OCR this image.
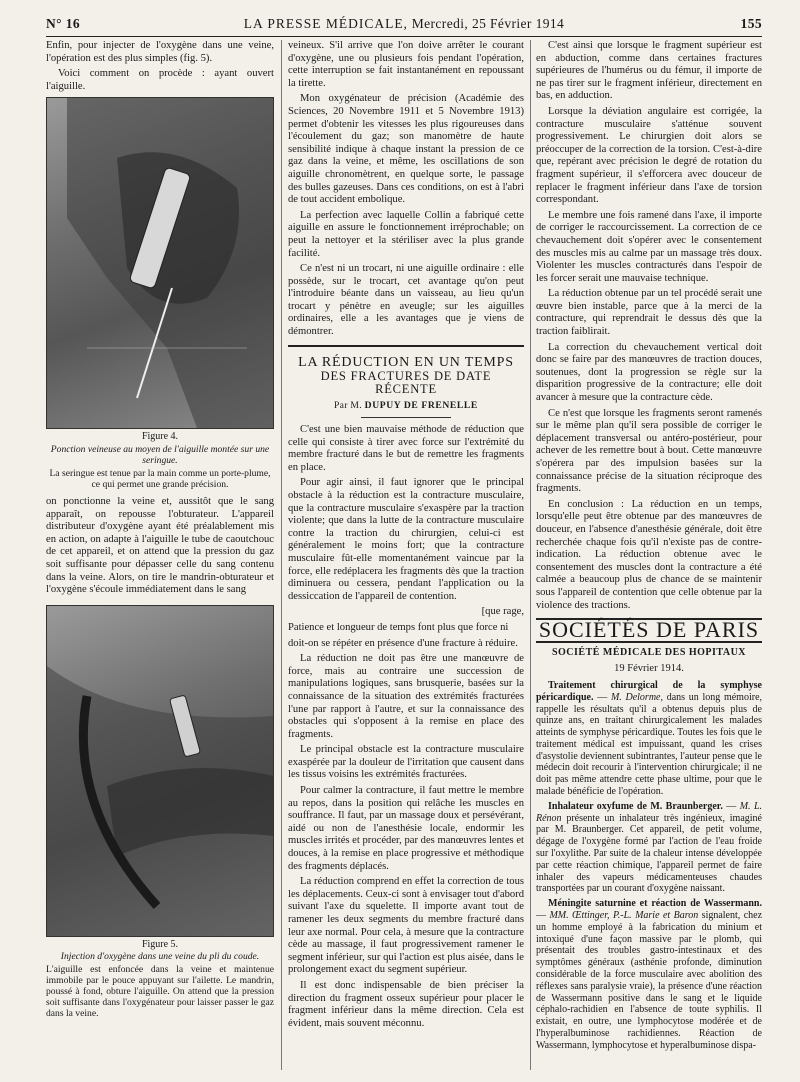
N° 16	LA PRESSE MÉDICALE, Mercredi, 25 Février 1914	155

Enfin, pour injecter de l'oxygène dans une veine, l'opération est des plus simples (fig. 5).

Voici comment on procède : ayant ouvert l'aiguille.

Figure 4.
Ponction veineuse au moyen de l'aiguille montée sur une seringue.
La seringue est tenue par la main comme un porte-plume, ce qui permet une grande précision.

on ponctionne la veine et, aussitôt que le sang apparaît, on repousse l'obturateur. L'appareil distributeur d'oxygène ayant été préalablement mis en action, on adapte à l'aiguille le tube de caoutchouc de cet appareil, et on attend que la pression du gaz soit suffisante pour dépasser celle du sang contenu dans la veine. Alors, on tire le mandrin-obturateur et l'oxygène s'écoule immédiatement dans le sang

Figure 5.
Injection d'oxygène dans une veine du pli du coude.
L'aiguille est enfoncée dans la veine et maintenue immobile par le pouce appuyant sur l'ailette. Le mandrin, poussé à fond, obture l'aiguille. On attend que la pression soit suffisante dans l'oxygénateur pour laisser passer le gaz dans la veine.

veineux. S'il arrive que l'on doive arrêter le courant d'oxygène, une ou plusieurs fois pendant l'opération, cette interruption se fait instantanément en repoussant la tirette.

Mon oxygénateur de précision (Académie des Sciences, 20 Novembre 1911 et 5 Novembre 1913) permet d'obtenir les vitesses les plus rigoureuses dans l'écoulement du gaz; son manomètre de haute sensibilité indique à chaque instant la pression de ce gaz dans la veine, et même, les oscillations de son aiguille chronomètrent, en quelque sorte, le passage des bulles gazeuses. Dans ces conditions, on est à l'abri de tout accident embolique.

La perfection avec laquelle Collin a fabriqué cette aiguille en assure le fonctionnement irréprochable; on peut la nettoyer et la stériliser avec la plus grande facilité.

Ce n'est ni un trocart, ni une aiguille ordinaire : elle possède, sur le trocart, cet avantage qu'on peut l'introduire béante dans un vaisseau, au lieu qu'un trocart y pénètre en aveugle; sur les aiguilles ordinaires, elle a les avantages que je viens de démontrer.

LA RÉDUCTION EN UN TEMPS
DES FRACTURES DE DATE RÉCENTE
Par M. DUPUY DE FRENELLE

C'est une bien mauvaise méthode de réduction que celle qui consiste à tirer avec force sur l'extrémité du membre fracturé dans le but de remettre les fragments en place.

Pour agir ainsi, il faut ignorer que le principal obstacle à la réduction est la contracture musculaire, que la contracture musculaire s'exaspère par la traction violente; que dans la lutte de la contracture musculaire contre la traction du chirurgien, celui-ci est généralement le moins fort; que la contracture musculaire fût-elle momentanément vaincue par la force, elle redéplacera les fragments dès que la traction diminuera ou cessera, pendant l'application ou la dessiccation de l'appareil de contention.

[que rage,

Patience et longueur de temps font plus que force ni

doit-on se répéter en présence d'une fracture à réduire.

La réduction ne doit pas être une manœuvre de force, mais au contraire une succession de manipulations logiques, sans brusquerie, basées sur la connaissance de la situation des extrémités fracturées l'une par rapport à l'autre, et sur la connaissance des obstacles qui s'opposent à la remise en place des fragments.

Le principal obstacle est la contracture musculaire exaspérée par la douleur de l'irritation que causent dans les tissus voisins les extrémités fracturées.

Pour calmer la contracture, il faut mettre le membre au repos, dans la position qui relâche les muscles en souffrance. Il faut, par un massage doux et persévérant, aidé ou non de l'anesthésie locale, endormir les muscles irrités et procéder, par des manœuvres lentes et douces, à la remise en place progressive et méthodique des fragments déplacés.

La réduction comprend en effet la correction de tous les déplacements. Ceux-ci sont à envisager tout d'abord suivant l'axe du squelette. Il importe avant tout de ramener les deux segments du membre fracturé dans leur axe normal. Pour cela, à mesure que la contracture cède au massage, il faut progressivement ramener le segment inférieur, sur qui l'action est plus aisée, dans le prolongement exact du segment supérieur.

Il est donc indispensable de bien préciser la direction du fragment osseux supérieur pour placer le fragment inférieur dans la même direction. Cela est évident, mais souvent méconnu.

C'est ainsi que lorsque le fragment supérieur est en abduction, comme dans certaines fractures supérieures de l'humérus ou du fémur, il importe de ne pas tirer sur le fragment inférieur, directement en bas, en adduction.

Lorsque la déviation angulaire est corrigée, la contracture musculaire s'atténue souvent progressivement. Le chirurgien doit alors se préoccuper de la correction de la torsion. C'est-à-dire que, repérant avec précision le degré de rotation du fragment supérieur, il s'efforcera avec douceur de replacer le fragment inférieur dans l'axe de torsion correspondant.

Le membre une fois ramené dans l'axe, il importe de corriger le raccourcissement. La correction de ce chevauchement doit s'opérer avec le consentement des muscles mis au calme par un massage très doux. Violenter les muscles contracturés dans l'espoir de les forcer serait une mauvaise technique.

La réduction obtenue par un tel procédé serait une œuvre bien instable, parce que à la merci de la contracture, qui reprendrait le dessus dès que la traction faiblirait.

La correction du chevauchement vertical doit donc se faire par des manœuvres de traction douces, soutenues, dont la progression se règle sur la disparition progressive de la contracture; elle doit avancer à mesure que la contracture cède.

Ce n'est que lorsque les fragments seront ramenés sur le même plan qu'il sera possible de corriger le déplacement transversal ou antéro-postérieur, pour achever de les remettre bout à bout. Cette manœuvre s'opérera par des impulsion basées sur la connaissance précise de la situation réciproque des fragments.

En conclusion : La réduction en un temps, lorsqu'elle peut être obtenue par des manœuvres de douceur, en l'absence d'anesthésie générale, doit être recherchée chaque fois qu'il n'existe pas de contre-indication. La réduction obtenue avec le consentement des muscles dont la contracture a été calmée a beaucoup plus de chance de se maintenir sous l'appareil de contention que celle obtenue par la violence des tractions.

SOCIÉTÉS DE PARIS
SOCIÉTÉ MÉDICALE DES HOPITAUX
19 Février 1914.

Traitement chirurgical de la symphyse péricardique. — M. Delorme, dans un long mémoire, rappelle les résultats qu'il a obtenus depuis plus de quinze ans, en traitant chirurgicalement les malades atteints de symphyse péricardique. Toutes les fois que le traitement médical est impuissant, quand les crises d'asystolie deviennent subintrantes, l'auteur pense que le médecin doit recourir à l'intervention chirurgicale; il ne doit pas même attendre cette phase ultime, pour que le malade bénéficie de l'opération.

Inhalateur oxyfume de M. Braunberger. — M. L. Rénon présente un inhalateur très ingénieux, imaginé par M. Braunberger. Cet appareil, de petit volume, dégage de l'oxygène formé par l'action de l'eau froide sur l'oxylithe. Par suite de la chaleur intense développée par cette réaction chimique, l'appareil permet de faire inhaler des vapeurs médicamenteuses chaudes transportées par un courant d'oxygène naissant.

Méningite saturnine et réaction de Wassermann. — MM. Œttinger, P.-L. Marie et Baron signalent, chez un homme employé à la fabrication du minium et intoxiqué d'une façon massive par le plomb, qui présentait des troubles gastro-intestinaux et des symptômes généraux (asthénie profonde, diminution considérable de la force musculaire avec abolition des réflexes sans paralysie vraie), la présence d'une réaction de Wassermann positive dans le sang et le liquide céphalo-rachidien en l'absence de toute syphilis. Il existait, en outre, une lymphocytose modérée et de l'hyperalbuminose rachidiennes. Réaction de Wassermann, lymphocytose et hyperalbuminose dispa-
